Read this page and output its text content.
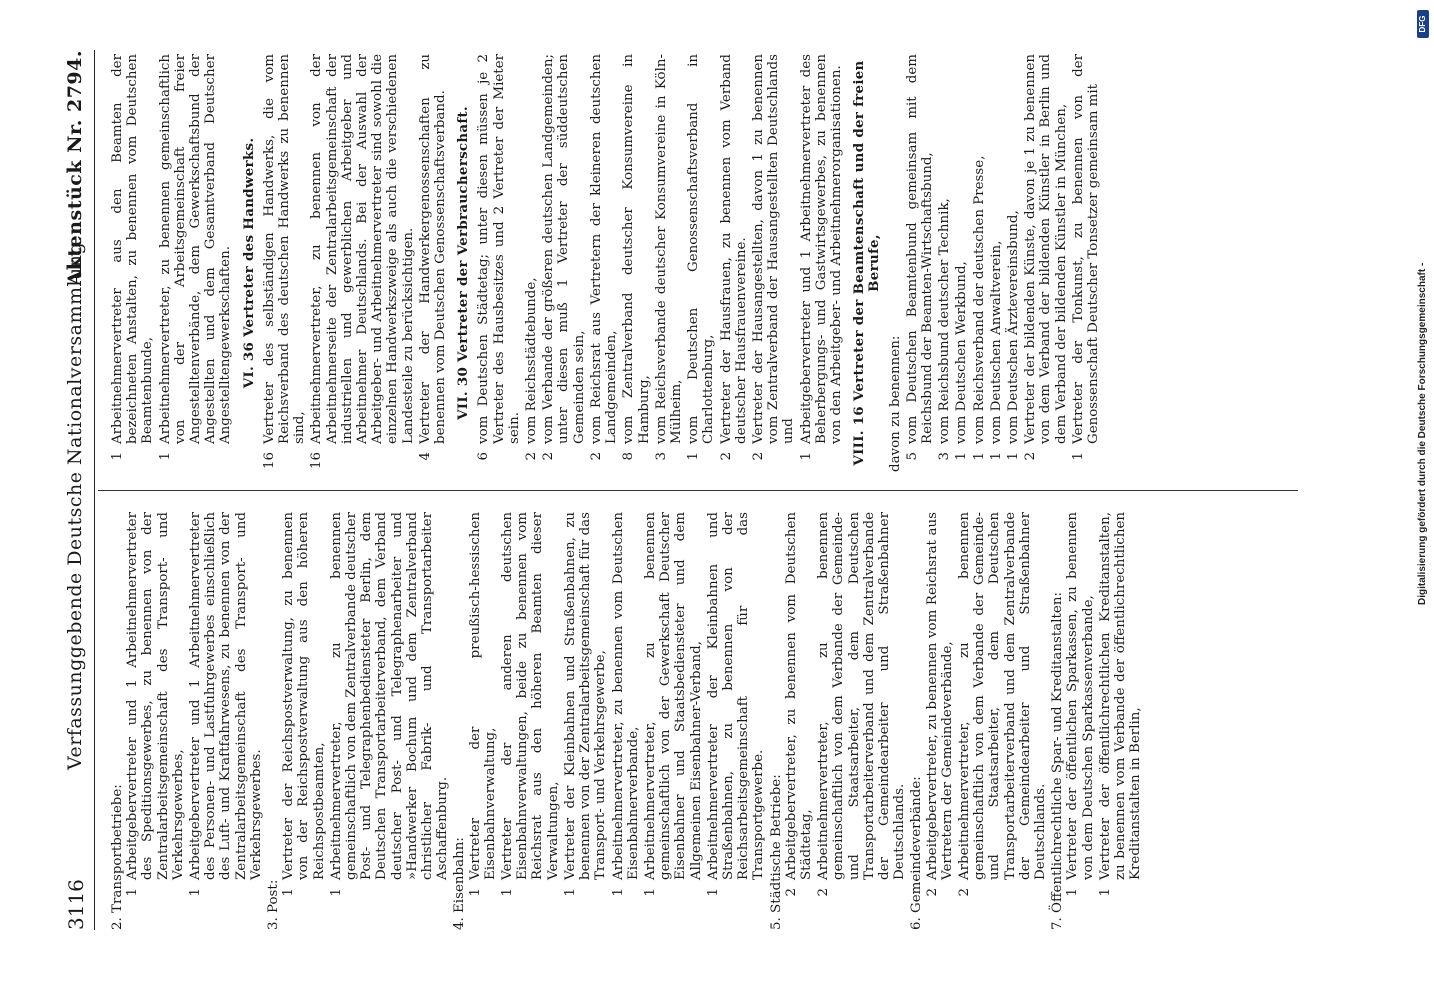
3116
Verfassunggebende Deutsche Nationalversammlung.
Aktenstück Nr. 2794.
2. Transportbetriebe: 1
Arbeitgebervertreter und 1 Arbeitnehmervertreter des Speditionsgewerbes, zu benennen von der Zentralarbeitsgemeinschaft des Transport- und Verkehrsgewerbes,
1
Arbeitgebervertreter und 1 Arbeitnehmervertreter des Personen- und Lastfuhrgewerbes einschließlich des Luft- und Kraftfahrwesens, zu benennen von der Zentralarbeitsgemeinschaft des Transport- und Verkehrsgewerbes.
3. Post: 1
Vertreter der Reichspostverwaltung, zu benennen von der Reichspostverwaltung aus den höheren Reichspostbeamten,
1
Arbeitnehmervertreter, zu benennen gemeinschaftlich von dem Zentralverbande deutscher Post- und Telegraphenbediensteter Berlin, dem Deutschen Transportarbeiterverband, dem Verband deutscher Post- und Telegraphenarbeiter und »Handwerker Bochum und dem Zentralverband christlicher Fabrik- und Transportarbeiter Aschaffenburg.
4. Eisenbahn: 1
Vertreter der preußisch-hessischen Eisenbahnverwaltung,
1
Vertreter der anderen deutschen Eisenbahnverwaltungen, beide zu benennen vom Reichsrat aus den höheren Beamten dieser Verwaltungen,
1
Vertreter der Kleinbahnen und Straßenbahnen, zu benennen von der Zentralarbeitsgemeinschaft für das Transport- und Verkehrsgewerbe,
1
Arbeitnehmervertreter, zu benennen vom Deutschen Eisenbahnerverbande,
1
Arbeitnehmervertreter, zu benennen gemeinschaftlich von der Gewerkschaft Deutscher Eisenbahner und Staatsbediensteter und dem Allgemeinen Eisenbahner-Verband,
1
Arbeitnehmervertreter der Kleinbahnen und Straßenbahnen, zu benennen von der Reichsarbeitsgemeinschaft für das Transportgewerbe. 5. Städtische Betriebe: 2
Arbeitgebervertreter, zu benennen vom Deutschen Städtetag,
2
Arbeitnehmervertreter, zu benennen gemeinschaftlich von dem Verbande der Gemeinde- und Staatsarbeiter, dem Deutschen Transportarbeiterverband und dem Zentralverbande der Gemeindearbeiter und Straßenbahner Deutschlands. 6. Gemeindeverbände: 2
Arbeitgebervertreter, zu benennen vom Reichsrat aus Vertretern der Gemeindeverbände,
2
Arbeitnehmervertreter, zu benennen gemeinschaftlich von dem Verbande der Gemeinde- und Staatsarbeiter, dem Deutschen Transportarbeiterverband und dem Zentralverbande der Gemeindearbeiter und Straßenbahner Deutschlands. 7. Öffentlichrechtliche Spar- und Kreditanstalten: 1
Vertreter der öffentlichen Sparkassen, zu benennen von dem Deutschen Sparkassenverbande,
1
Vertreter der öffentlichrechtlichen Kreditanstalten, zu benennen vom Verbande der öffentlichrechtlichen Kreditanstalten in Berlin,
1
Arbeitnehmervertreter aus den Beamten der bezeichneten Anstalten, zu benennen vom Deutschen Beamtenbunde,
1
Arbeitnehmervertreter, zu benennen gemeinschaftlich von der Arbeitsgemeinschaft freier Angestelltenverbände, dem Gewerkschaftsbund der Angestellten und dem Gesamtverband Deutscher Angestelltengewerkschaften. VI. 36 Vertreter des Handwerks.
16
Vertreter des selbständigen Handwerks, die vom Reichsverband des deutschen Handwerks zu benennen sind,
16
Arbeitnehmervertreter, zu benennen von der Arbeitnehmerseite der Zentralarbeitsgemeinschaft der industriellen und gewerblichen Arbeitgeber und Arbeitnehmer Deutschlands. Bei der Auswahl der Arbeitgeber- und Arbeitnehmervertreter sind sowohl die einzelnen Handwerkszweige als auch die verschiedenen Landesteile zu berücksichtigen.
4
Vertreter der Handwerkergenossenschaften zu benennen vom Deutschen Genossenschaftsverband. VII. 30 Vertreter der Verbraucherschaft.
6
vom Deutschen Städtetag; unter diesen müssen je 2 Vertreter des Hausbesitzes und 2 Vertreter der Mieter sein.
2
vom Reichsstädtebunde,
2
vom Verbande der größeren deutschen Landgemeinden; unter diesen muß 1 Vertreter der süddeutschen Gemeinden sein,
2
vom Reichsrat aus Vertretern der kleineren deutschen Landgemeinden,
8
vom Zentralverband deutscher Konsumvereine in Hamburg,
3
vom Reichsverbande deutscher Konsumvereine in Köln-Mülheim,
1
vom Deutschen Genossenschaftsverband in Charlottenburg,
2
Vertreter der Hausfrauen, zu benennen vom Verband deutscher Hausfrauenvereine.
2
Vertreter der Hausangestellten, davon 1 zu benennen vom Zentralverband der Hausangestellten Deutschlands und
1
Arbeitgebervertreter und 1 Arbeitnehmervertreter des Beherbergungs- und Gastwirtsgewerbes, zu benennen von den Arbeitgeber- und Arbeitnehmerorganisationen. VIII. 16 Vertreter der Beamtenschaft und der freien Berufe,
davon zu benennen: 5
vom Deutschen Beamtenbund gemeinsam mit dem Reichsbund der Beamten-Wirtschaftsbund,
3
vom Reichsbund deutscher Technik,
1
vom Deutschen Werkbund,
1
vom Reichsverband der deutschen Presse,
1
vom Deutschen Anwaltverein,
1
vom Deutschen Ärztevereinsbund,
2
Vertreter der bildenden Künste, davon je 1 zu benennen von dem Verband der bildenden Künstler in Berlin und dem Verband der bildenden Künstler in München,
1
Vertreter der Tonkunst, zu benennen von der Genossenschaft Deutscher Tonsetzer gemeinsam mit	Digitalisierung gefördert durch die Deutsche Forschungsgemeinschaft -
DFG
